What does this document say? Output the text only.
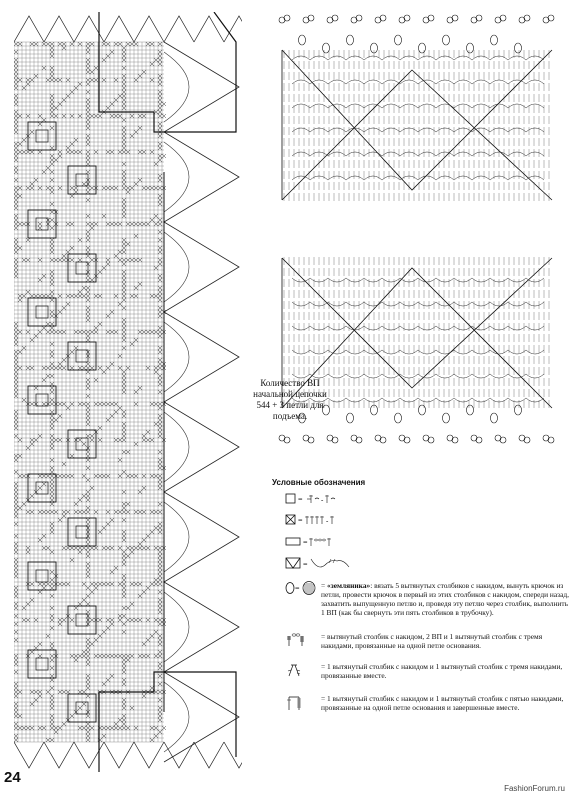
Количество ВП
начальной цепочки
544 + 3 петли для
подъема.
Условные обозначения
=	-
=	-
=
=
=	= «земляника»: вязать 5 вытянутых столбиков с накидом, вынуть крючок из петли, провести крючок в первый из этих столбиков с накидом, спереди назад, захватить выпущенную петлю и, проведя эту петлю через столбик, выполнить 1 ВП (как бы свернуть эти пять столбиков в трубочку).
= вытянутый столбик с накидом, 2 ВП и 1 вытянутый столбик с тремя накидами, провязанные на одной петле основания.
= 1 вытянутый столбик с накидом и 1 вытянутый столбик с тремя накидами, провязанные вместе.
= 1 вытянутый столбик с накидом и 1 вытянутый столбик с пятью накидами, провязанные на одной петле основания и завершенные вместе.
24
FashionForum.ru
